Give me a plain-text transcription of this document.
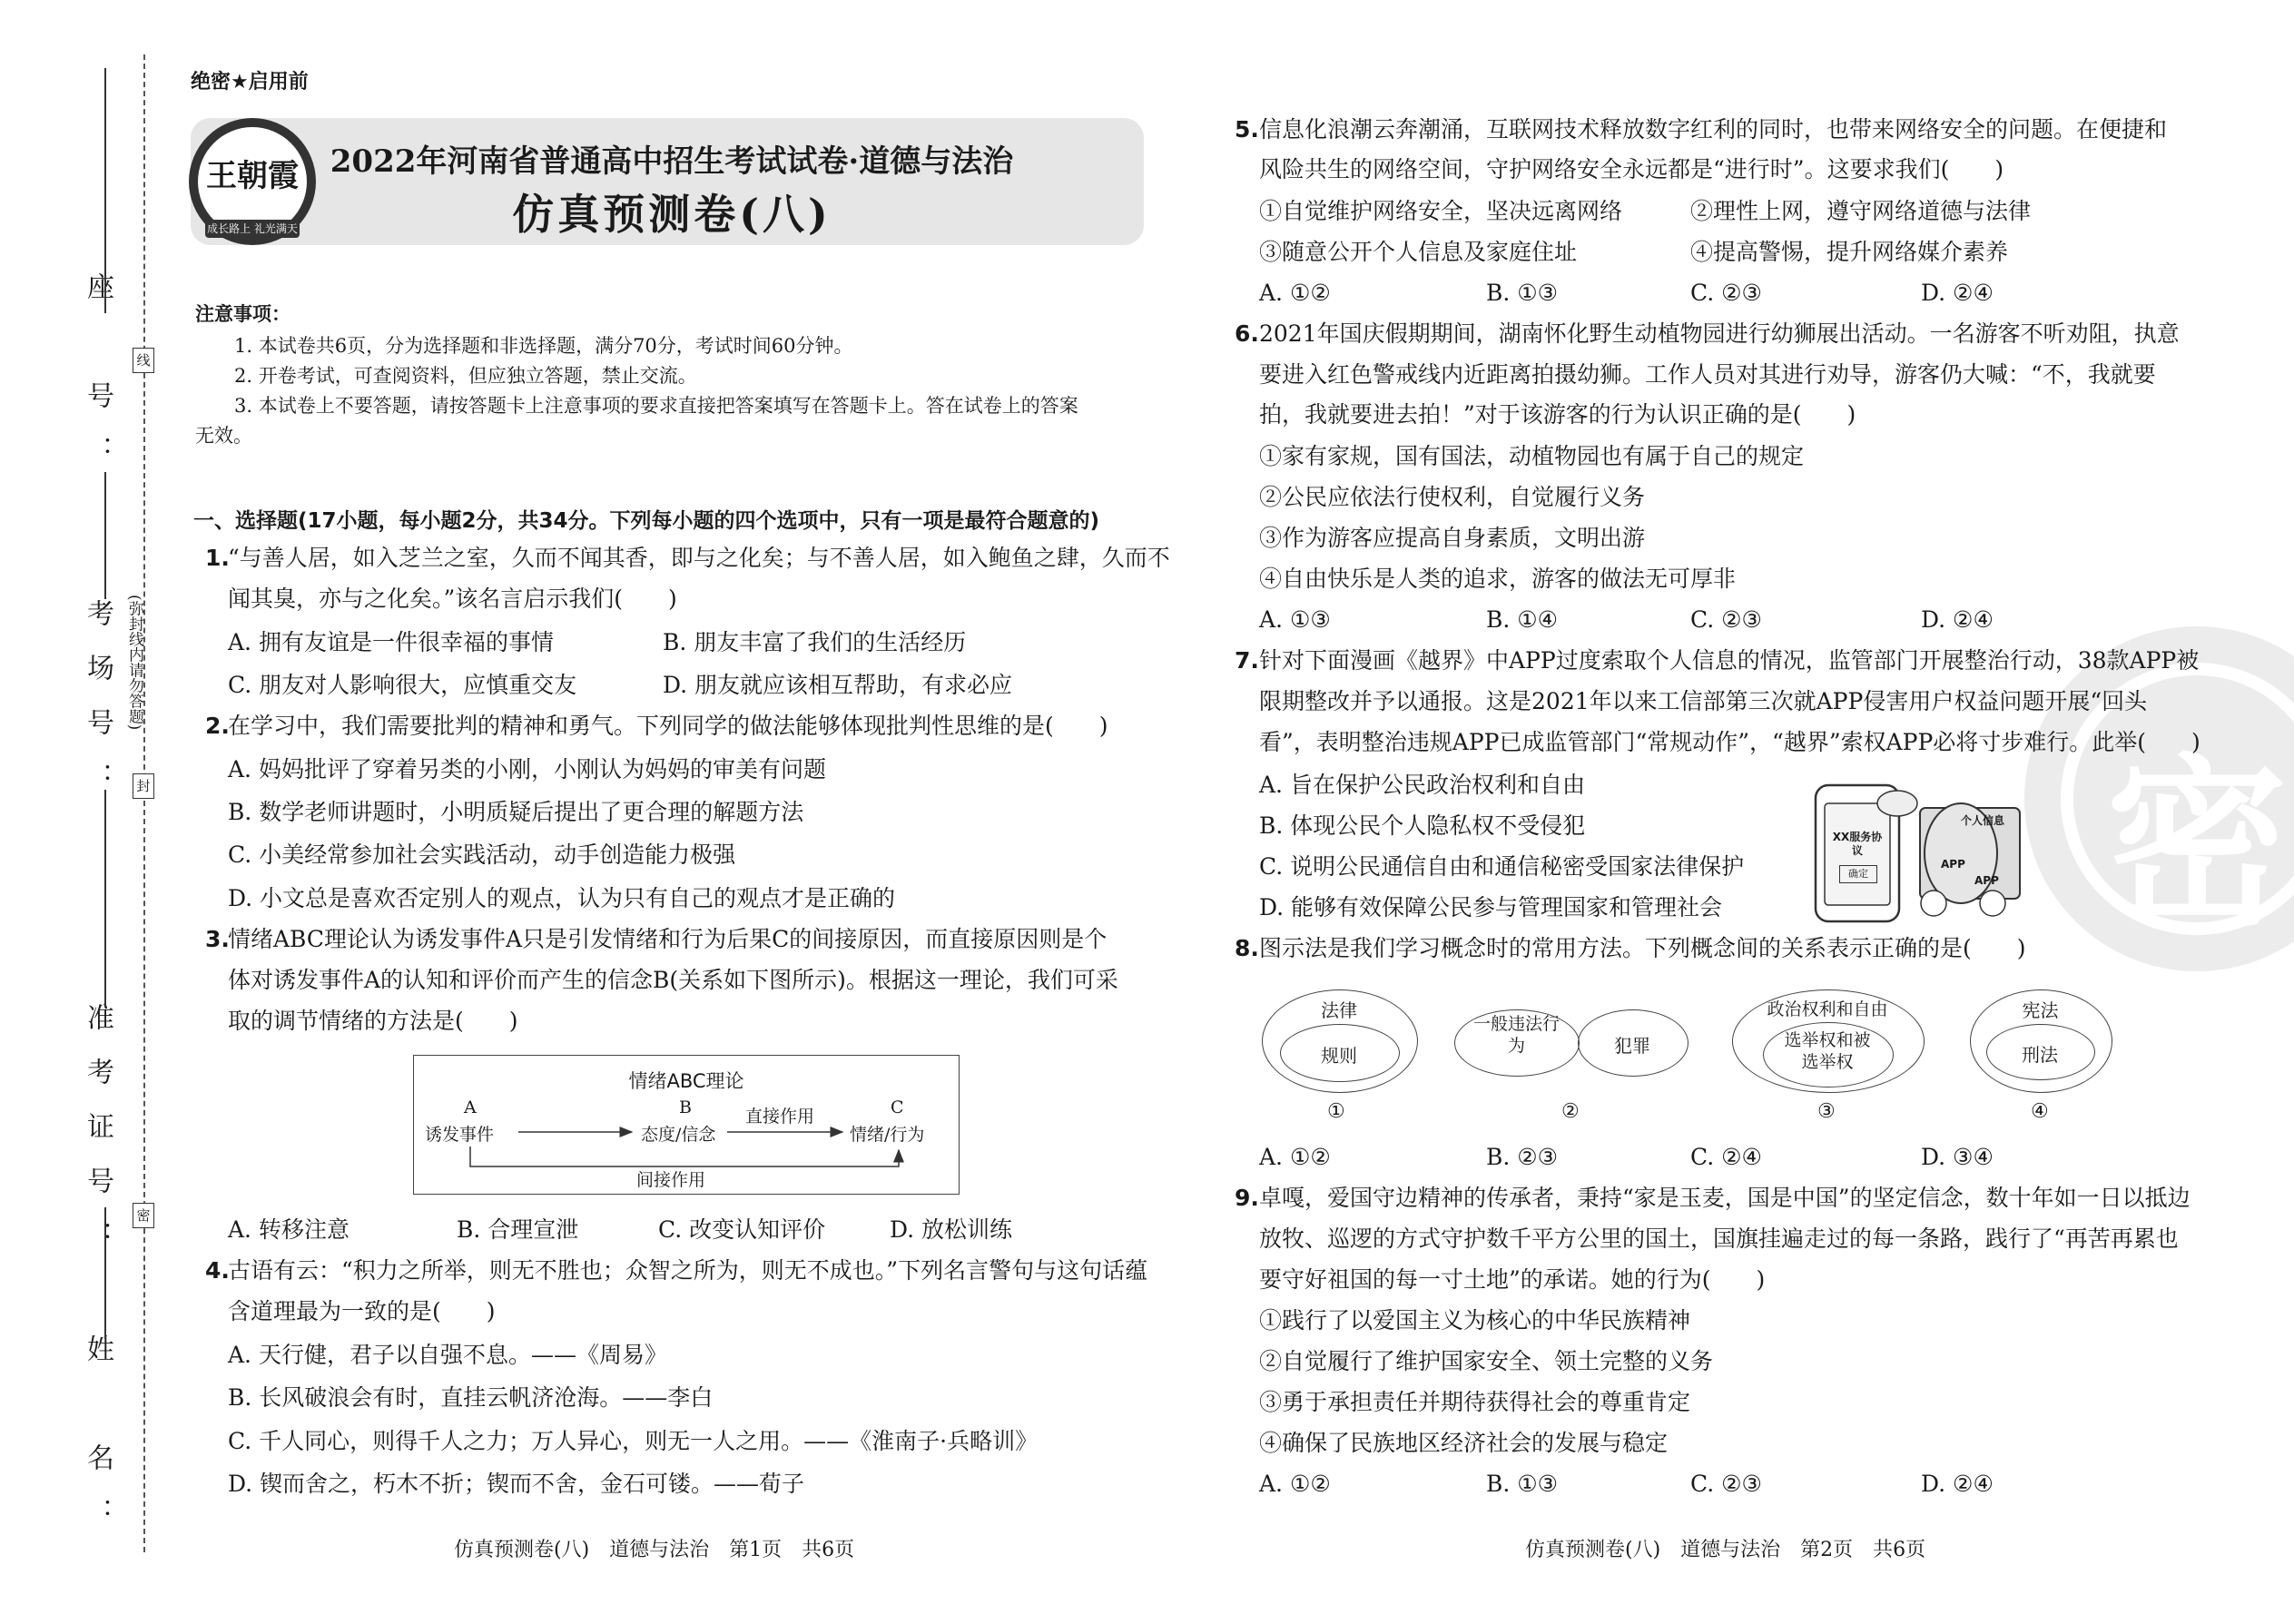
座　号：
考场号：
准考证号：
姓　名：
线
封
密
(弥封线内请勿答题)
绝密★启用前
王朝霞
成长路上 礼光满天
2022年河南省普通高中招生考试试卷·道德与法治
仿真预测卷(八)
注意事项：
1. 本试卷共6页，分为选择题和非选择题，满分70分，考试时间60分钟。
2. 开卷考试，可查阅资料，但应独立答题，禁止交流。
3. 本试卷上不要答题，请按答题卡上注意事项的要求直接把答案填写在答题卡上。答在试卷上的答案
无效。
一、选择题(17小题，每小题2分，共34分。下列每小题的四个选项中，只有一项是最符合题意的)
1.
“与善人居，如入芝兰之室，久而不闻其香，即与之化矣；与不善人居，如入鲍鱼之肆，久而不
闻其臭，亦与之化矣。”该名言启示我们(　　)
A. 拥有友谊是一件很幸福的事情	B. 朋友丰富了我们的生活经历
C. 朋友对人影响很大，应慎重交友	D. 朋友就应该相互帮助，有求必应
2.
在学习中，我们需要批判的精神和勇气。下列同学的做法能够体现批判性思维的是(　　)
A. 妈妈批评了穿着另类的小刚，小刚认为妈妈的审美有问题
B. 数学老师讲题时，小明质疑后提出了更合理的解题方法
C. 小美经常参加社会实践活动，动手创造能力极强
D. 小文总是喜欢否定别人的观点，认为只有自己的观点才是正确的
3.
情绪ABC理论认为诱发事件A只是引发情绪和行为后果C的间接原因，而直接原因则是个
体对诱发事件A的认知和评价而产生的信念B(关系如下图所示)。根据这一理论，我们可采
取的调节情绪的方法是(　　)
情绪ABC理论
A
诱发事件
B
态度/信念
C
情绪/行为
直接作用
间接作用
A. 转移注意	B. 合理宣泄	C. 改变认知评价	D. 放松训练
4.
古语有云：“积力之所举，则无不胜也；众智之所为，则无不成也。”下列名言警句与这句话蕴
含道理最为一致的是(　　)
A. 天行健，君子以自强不息。——《周易》
B. 长风破浪会有时，直挂云帆济沧海。——李白
C. 千人同心，则得千人之力；万人异心，则无一人之用。——《淮南子·兵略训》
D. 锲而舍之，朽木不折；锲而不舍，金石可镂。——荀子
密
5. 信息化浪潮云奔潮涌，互联网技术释放数字红利的同时，也带来网络安全的问题。在便捷和
风险共生的网络空间，守护网络安全永远都是“进行时”。这要求我们(　　)
①自觉维护网络安全，坚决远离网络	②理性上网，遵守网络道德与法律
③随意公开个人信息及家庭住址	④提高警惕，提升网络媒介素养
A. ①②	B. ①③	C. ②③	D. ②④
6. 2021年国庆假期期间，湖南怀化野生动植物园进行幼狮展出活动。一名游客不听劝阻，执意
要进入红色警戒线内近距离拍摄幼狮。工作人员对其进行劝导，游客仍大喊：“不，我就要
拍，我就要进去拍！”对于该游客的行为认识正确的是(　　)
①家有家规，国有国法，动植物园也有属于自己的规定
②公民应依法行使权利，自觉履行义务
③作为游客应提高自身素质，文明出游
④自由快乐是人类的追求，游客的做法无可厚非
A. ①③	B. ①④	C. ②③	D. ②④
7. 针对下面漫画《越界》中APP过度索取个人信息的情况，监管部门开展整治行动，38款APP被
限期整改并予以通报。这是2021年以来工信部第三次就APP侵害用户权益问题开展“回头
看”，表明整治违规APP已成监管部门“常规动作”，“越界”索权APP必将寸步难行。此举(　　)
A. 旨在保护公民政治权利和自由
B. 体现公民个人隐私权不受侵犯
C. 说明公民通信自由和通信秘密受国家法律保护
D. 能够有效保障公民参与管理国家和管理社会
XX服务协议
确定
个人信息
APP
APP
8. 图示法是我们学习概念时的常用方法。下列概念间的关系表示正确的是(　　)
法律
规则
①
一般违法行为	犯罪
②
政治权利和自由
选举权和被选举权
③
宪法
刑法
④
A. ①②	B. ②③	C. ②④	D. ③④
9. 卓嘎，爱国守边精神的传承者，秉持“家是玉麦，国是中国”的坚定信念，数十年如一日以抵边
放牧、巡逻的方式守护数千平方公里的国土，国旗挂遍走过的每一条路，践行了“再苦再累也
要守好祖国的每一寸土地”的承诺。她的行为(　　)
①践行了以爱国主义为核心的中华民族精神
②自觉履行了维护国家安全、领土完整的义务
③勇于承担责任并期待获得社会的尊重肯定
④确保了民族地区经济社会的发展与稳定
A. ①②	B. ①③	C. ②③	D. ②④
仿真预测卷(八)　道德与法治　第1页　共6页	仿真预测卷(八)　道德与法治　第2页　共6页
